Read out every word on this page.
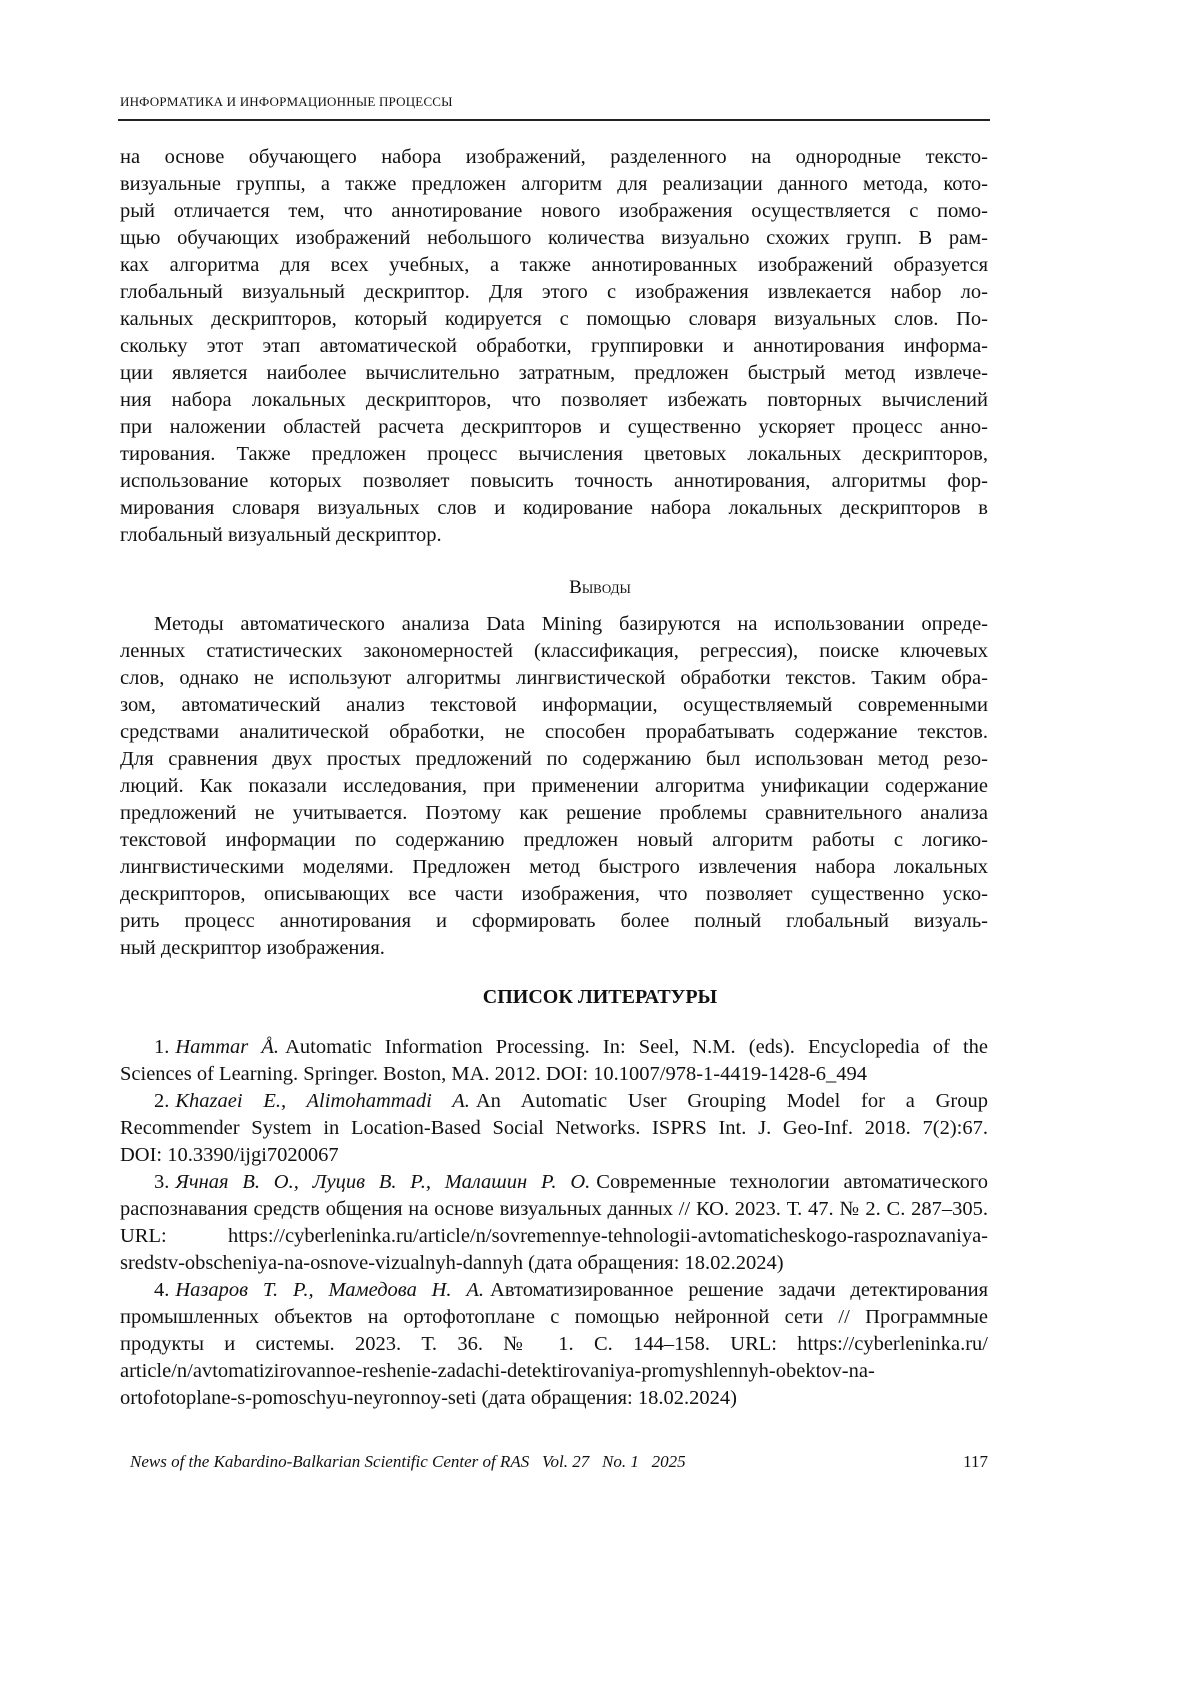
ИНФОРМАТИКА И ИНФОРМАЦИОННЫЕ ПРОЦЕССЫ
на основе обучающего набора изображений, разделенного на однородные тексто-
визуальные группы, а также предложен алгоритм для реализации данного метода, кото-
рый отличается тем, что аннотирование нового изображения осуществляется с помо-
щью обучающих изображений небольшого количества визуально схожих групп. В рам-
ках алгоритма для всех учебных, а также аннотированных изображений образуется
глобальный визуальный дескриптор. Для этого с изображения извлекается набор ло-
кальных дескрипторов, который кодируется с помощью словаря визуальных слов. По-
скольку этот этап автоматической обработки, группировки и аннотирования информа-
ции является наиболее вычислительно затратным, предложен быстрый метод извлече-
ния набора локальных дескрипторов, что позволяет избежать повторных вычислений
при наложении областей расчета дескрипторов и существенно ускоряет процесс анно-
тирования. Также предложен процесс вычисления цветовых локальных дескрипторов,
использование которых позволяет повысить точность аннотирования, алгоритмы фор-
мирования словаря визуальных слов и кодирование набора локальных дескрипторов в
глобальный визуальный дескриптор.
Выводы
Методы автоматического анализа Data Mining базируются на использовании опреде-
ленных статистических закономерностей (классификация, регрессия), поиске ключевых
слов, однако не используют алгоритмы лингвистической обработки текстов. Таким обра-
зом, автоматический анализ текстовой информации, осуществляемый современными
средствами аналитической обработки, не способен прорабатывать содержание текстов.
Для сравнения двух простых предложений по содержанию был использован метод резо-
люций. Как показали исследования, при применении алгоритма унификации содержание
предложений не учитывается. Поэтому как решение проблемы сравнительного анализа
текстовой информации по содержанию предложен новый алгоритм работы с логико-
лингвистическими моделями. Предложен метод быстрого извлечения набора локальных
дескрипторов, описывающих все части изображения, что позволяет существенно уско-
рить процесс аннотирования и сформировать более полный глобальный визуаль-
ный дескриптор изображения.
СПИСОК ЛИТЕРАТУРЫ
1. Hammar Å. Automatic Information Processing. In: Seel, N.M. (eds). Encyclopedia of the
Sciences of Learning. Springer. Boston, MA. 2012. DOI: 10.1007/978-1-4419-1428-6_494
2. Khazaei E., Alimohammadi A. An Automatic User Grouping Model for a Group
Recommender System in Location-Based Social Networks. ISPRS Int. J. Geo-Inf. 2018. 7(2):67.
DOI: 10.3390/ijgi7020067
3. Ячная В. О., Луцив В. Р., Малашин Р. О. Современные технологии автоматического
распознавания средств общения на основе визуальных данных // КО. 2023. Т. 47. № 2. С. 287–305.
URL: https://cyberleninka.ru/article/n/sovremennye-tehnologii-avtomaticheskogo-raspoznavaniya-
sredstv-obscheniya-na-osnove-vizualnyh-dannyh (дата обращения: 18.02.2024)
4. Назаров Т. Р., Мамедова Н. А. Автоматизированное решение задачи детектирования
промышленных объектов на ортофотоплане с помощью нейронной сети // Программные
продукты и системы. 2023. Т. 36. № 1. С. 144–158. URL: https://cyberleninka.ru/
article/n/avtomatizirovannoe-reshenie-zadachi-detektirovaniya-promyshlennyh-obektov-na-
ortofotoplane-s-pomoschyu-neyronnoy-seti (дата обращения: 18.02.2024)
News of the Kabardino-Balkarian Scientific Center of RAS   Vol. 27   No. 1   2025	117
